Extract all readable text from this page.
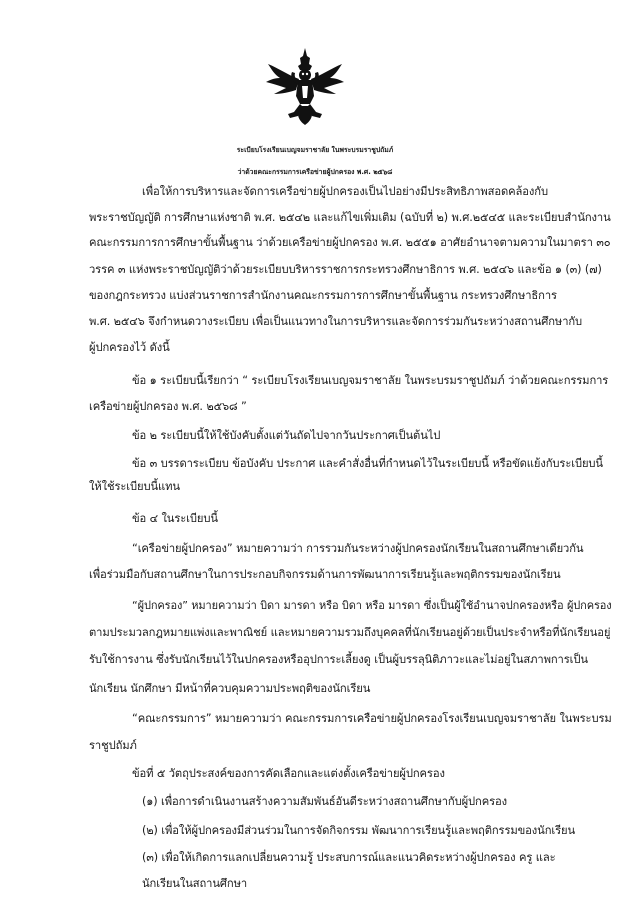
ระเบียบโรงเรียนเบญจมราชาลัย ในพระบรมราชูปถัมภ์
ว่าด้วยคณะกรรมการเครือข่ายผู้ปกครอง พ.ศ. ๒๕๖๘
เพื่อให้การบริหารและจัดการเครือข่ายผู้ปกครองเป็นไปอย่างมีประสิทธิภาพสอดคล้องกับ
พระราชบัญญัติ การศึกษาแห่งชาติ พ.ศ. ๒๕๔๒ และแก้ไขเพิ่มเติม (ฉบับที่ ๒) พ.ศ.๒๕๔๕ และระเบียบสำนักงาน
คณะกรรมการการศึกษาขั้นพื้นฐาน ว่าด้วยเครือข่ายผู้ปกครอง พ.ศ. ๒๕๕๑ อาศัยอำนาจตามความในมาตรา ๓๐
วรรค ๓ แห่งพระราชบัญญัติว่าด้วยระเบียบบริหารราชการกระทรวงศึกษาธิการ พ.ศ. ๒๕๔๖ และข้อ ๑ (๓) (๗)
ของกฎกระทรวง แบ่งส่วนราชการสำนักงานคณะกรรมการการศึกษาขั้นพื้นฐาน กระทรวงศึกษาธิการ
พ.ศ. ๒๕๔๖ จึงกำหนดวางระเบียบ เพื่อเป็นแนวทางในการบริหารและจัดการร่วมกันระหว่างสถานศึกษากับ
ผู้ปกครองไว้ ดังนี้
ข้อ ๑ ระเบียบนี้เรียกว่า “ ระเบียบโรงเรียนเบญจมราชาลัย ในพระบรมราชูปถัมภ์ ว่าด้วยคณะกรรมการ
เครือข่ายผู้ปกครอง พ.ศ. ๒๕๖๘ ”
ข้อ ๒ ระเบียบนี้ให้ใช้บังคับตั้งแต่วันถัดไปจากวันประกาศเป็นต้นไป
ข้อ ๓ บรรดาระเบียบ ข้อบังคับ ประกาศ และคำสั่งอื่นที่กำหนดไว้ในระเบียบนี้ หรือขัดแย้งกับระเบียบนี้
ให้ใช้ระเบียบนี้แทน
ข้อ ๔ ในระเบียบนี้
“เครือข่ายผู้ปกครอง” หมายความว่า การรวมกันระหว่างผู้ปกครองนักเรียนในสถานศึกษาเดียวกัน
เพื่อร่วมมือกับสถานศึกษาในการประกอบกิจกรรมด้านการพัฒนาการเรียนรู้และพฤติกรรมของนักเรียน
“ผู้ปกครอง” หมายความว่า บิดา มารดา หรือ บิดา หรือ มารดา ซึ่งเป็นผู้ใช้อำนาจปกครองหรือ ผู้ปกครอง
ตามประมวลกฎหมายแพ่งและพาณิชย์ และหมายความรวมถึงบุคคลที่นักเรียนอยู่ด้วยเป็นประจำหรือที่นักเรียนอยู่
รับใช้การงาน ซึ่งรับนักเรียนไว้ในปกครองหรืออุปการะเลี้ยงดู เป็นผู้บรรลุนิติภาวะและไม่อยู่ในสภาพการเป็น
นักเรียน นักศึกษา มีหน้าที่ควบคุมความประพฤติของนักเรียน
“คณะกรรมการ” หมายความว่า คณะกรรมการเครือข่ายผู้ปกครองโรงเรียนเบญจมราชาลัย ในพระบรม
ราชูปถัมภ์
ข้อที่ ๕ วัตถุประสงค์ของการคัดเลือกและแต่งตั้งเครือข่ายผู้ปกครอง
(๑) เพื่อการดำเนินงานสร้างความสัมพันธ์อันดีระหว่างสถานศึกษากับผู้ปกครอง
(๒) เพื่อให้ผู้ปกครองมีส่วนร่วมในการจัดกิจกรรม พัฒนาการเรียนรู้และพฤติกรรมของนักเรียน
(๓) เพื่อให้เกิดการแลกเปลี่ยนความรู้ ประสบการณ์และแนวคิดระหว่างผู้ปกครอง ครู และ
นักเรียนในสถานศึกษา
